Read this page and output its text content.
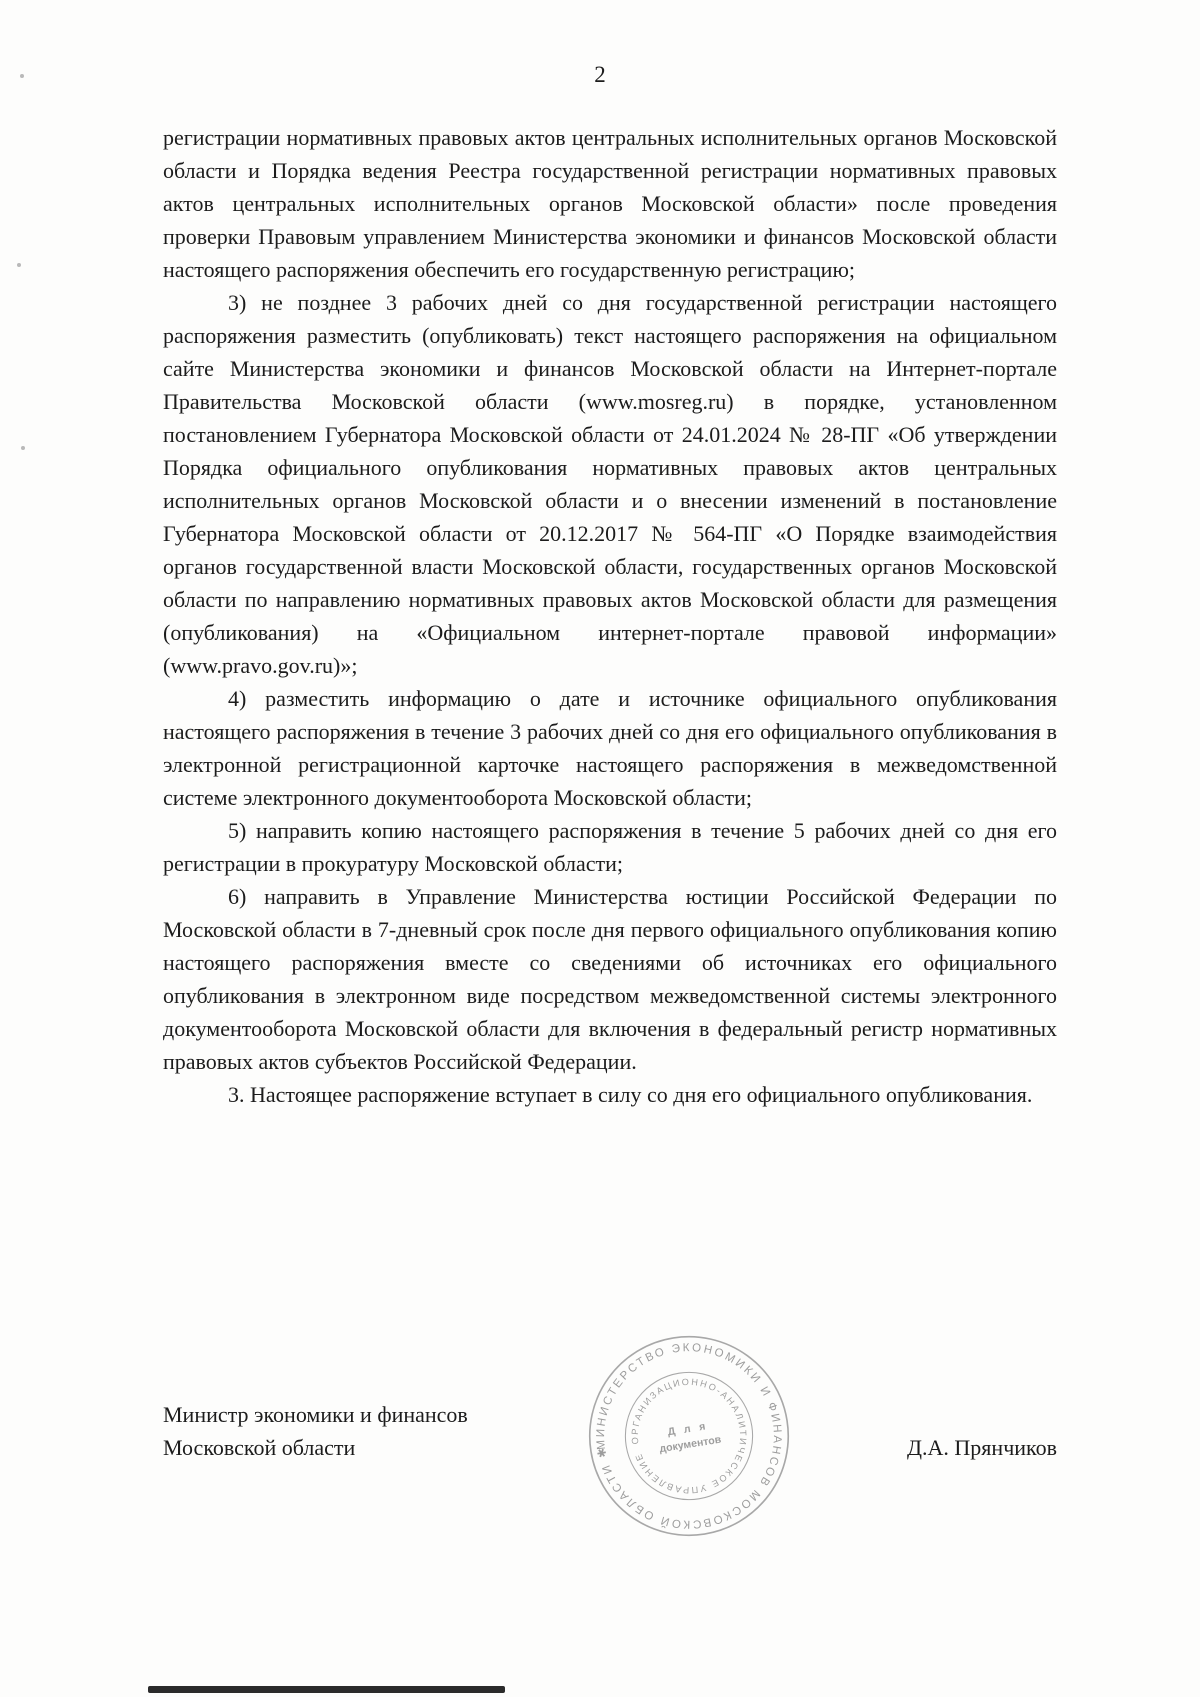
2

регистрации нормативных правовых актов центральных исполнительных органов Московской области и Порядка ведения Реестра государственной регистрации нормативных правовых актов центральных исполнительных органов Московской области» после проведения проверки Правовым управлением Министерства экономики и финансов Московской области настоящего распоряжения обеспечить его государственную регистрацию;

3) не позднее 3 рабочих дней со дня государственной регистрации настоящего распоряжения разместить (опубликовать) текст настоящего распоряжения на официальном сайте Министерства экономики и финансов Московской области на Интернет-портале Правительства Московской области (www.mosreg.ru) в порядке, установленном постановлением Губернатора Московской области от 24.01.2024 № 28-ПГ «Об утверждении Порядка официального опубликования нормативных правовых актов центральных исполнительных органов Московской области и о внесении изменений в постановление Губернатора Московской области от 20.12.2017 № 564-ПГ «О Порядке взаимодействия органов государственной власти Московской области, государственных органов Московской области по направлению нормативных правовых актов Московской области для размещения (опубликования) на «Официальном интернет-портале правовой информации» (www.pravo.gov.ru)»;

4) разместить информацию о дате и источнике официального опубликования настоящего распоряжения в течение 3 рабочих дней со дня его официального опубликования в электронной регистрационной карточке настоящего распоряжения в межведомственной системе электронного документооборота Московской области;

5) направить копию настоящего распоряжения в течение 5 рабочих дней со дня его регистрации в прокуратуру Московской области;

6) направить в Управление Министерства юстиции Российской Федерации по Московской области в 7-дневный срок после дня первого официального опубликования копию настоящего распоряжения вместе со сведениями об источниках его официального опубликования в электронном виде посредством межведомственной системы электронного документооборота Московской области для включения в федеральный регистр нормативных правовых актов субъектов Российской Федерации.

3. Настоящее распоряжение вступает в силу со дня его официального опубликования.

Министр экономики и финансов
Московской области	Д.А. Прянчиков
МИНИСТЕРСТВО ЭКОНОМИКИ И ФИНАНСОВ МОСКОВСКОЙ ОБЛАСТИ ✱
ОРГАНИЗАЦИОННО-АНАЛИТИЧЕСКОЕ УПРАВЛЕНИЕ
Д л я
документов
